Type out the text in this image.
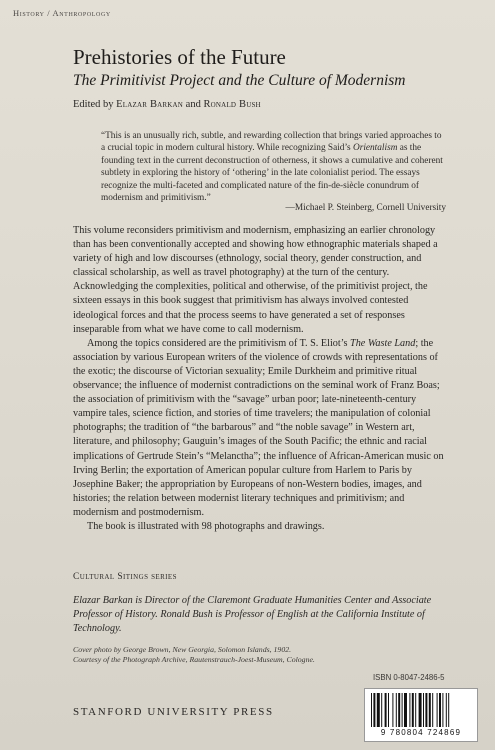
History / Anthropology
Prehistories of the Future
The Primitivist Project and the Culture of Modernism
Edited by Elazar Barkan and Ronald Bush
“This is an unusually rich, subtle, and rewarding collection that brings varied approaches to a crucial topic in modern cultural history. While recognizing Said’s Orientalism as the founding text in the current deconstruction of otherness, it shows a cumulative and coherent subtlety in exploring the history of ‘othering’ in the late colonialist period. The essays recognize the multi-faceted and complicated nature of the fin-de-siècle conundrum of modernism and primitivism.”
—Michael P. Steinberg, Cornell University

This volume reconsiders primitivism and modernism, emphasizing an earlier chronology than has been conventionally accepted and showing how ethnographic materials shaped a variety of high and low discourses (ethnology, social theory, gender construction, and classical scholarship, as well as travel photography) at the turn of the century. Acknowledging the complexities, political and otherwise, of the primitivist project, the sixteen essays in this book suggest that primitivism has always involved contested ideological forces and that the process seems to have generated a set of responses inseparable from what we have come to call modernism.

Among the topics considered are the primitivism of T. S. Eliot’s The Waste Land; the association by various European writers of the violence of crowds with representations of the exotic; the discourse of Victorian sexuality; Emile Durkheim and primitive ritual observance; the influence of modernist contradictions on the seminal work of Franz Boas; the association of primitivism with the “savage” urban poor; late-nineteenth-century vampire tales, science fiction, and stories of time travelers; the manipulation of colonial photographs; the tradition of “the barbarous” and “the noble savage” in Western art, literature, and philosophy; Gauguin’s images of the South Pacific; the ethnic and racial implications of Gertrude Stein’s “Melanctha”; the influence of African-American music on Irving Berlin; the exportation of American popular culture from Harlem to Paris by Josephine Baker; the appropriation by Europeans of non-Western bodies, images, and histories; the relation between modernist literary techniques and primitivism; and modernism and postmodernism.

The book is illustrated with 98 photographs and drawings.

Cultural Sitings series
Elazar Barkan is Director of the Claremont Graduate Humanities Center and Associate Professor of History. Ronald Bush is Professor of English at the California Institute of Technology.
Cover photo by George Brown, New Georgia, Solomon Islands, 1902.
Courtesy of the Photograph Archive, Rautenstrauch-Joest-Museum, Cologne.
ISBN 0-8047-2486-5
STANFORD UNIVERSITY PRESS
9 780804 724869
